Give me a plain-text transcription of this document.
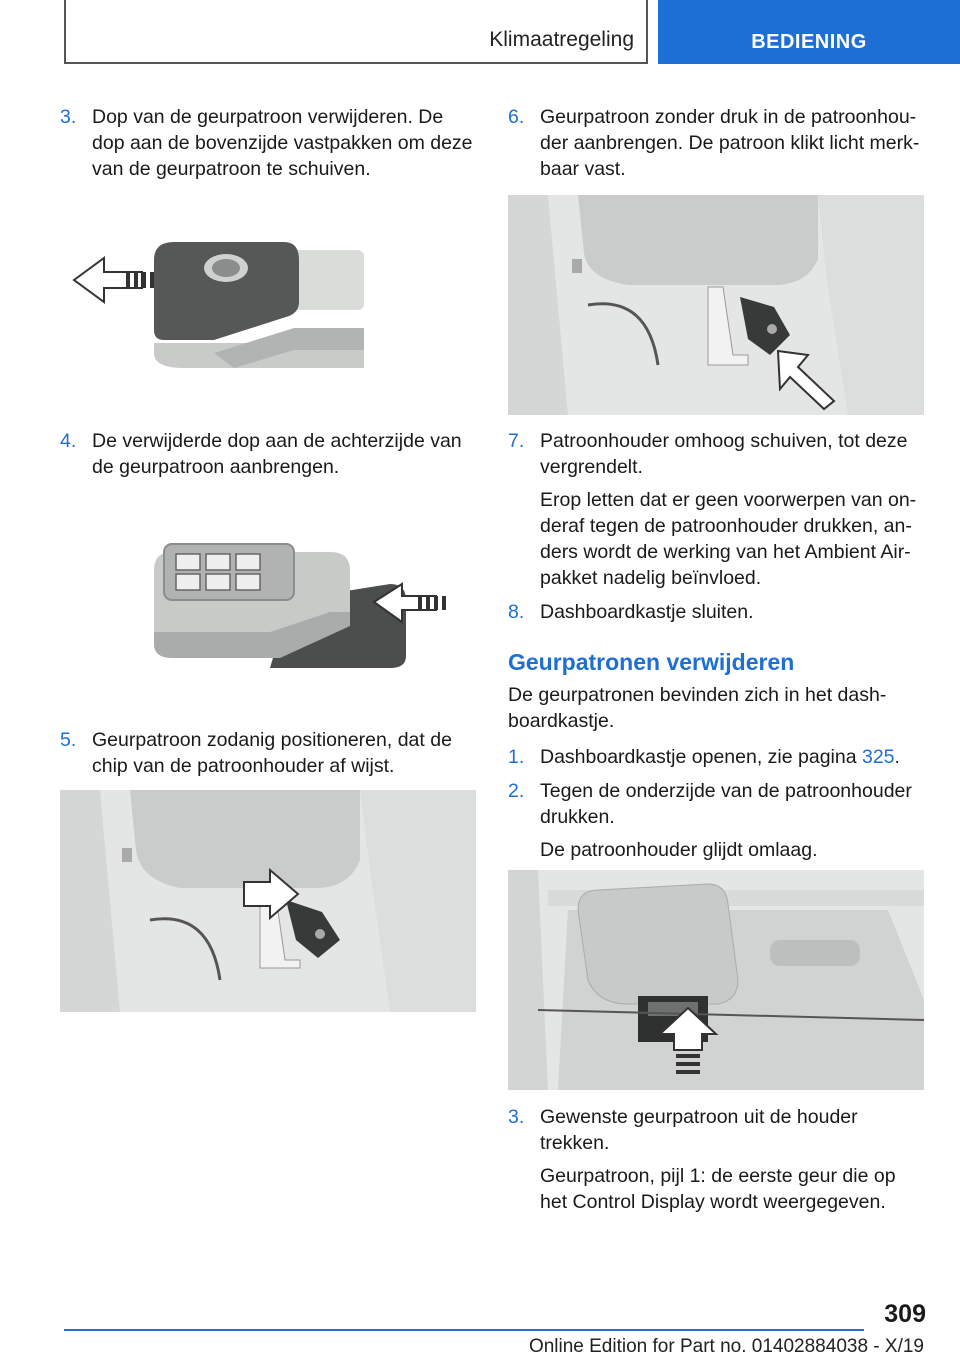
Klimaatregeling	BEDIENING
3. Dop van de geurpatroon verwijderen. De dop aan de bovenzijde vastpakken om deze van de geurpatroon te schuiven.

4. De verwijderde dop aan de achterzijde van de geurpatroon aanbrengen.

5. Geurpatroon zodanig positioneren, dat de chip van de patroonhouder af wijst.

6. Geurpatroon zonder druk in de patroonhouder aanbrengen. De patroon klikt licht merkbaar vast.

7. Patroonhouder omhoog schuiven, tot deze vergrendelt.

Erop letten dat er geen voorwerpen van onderaf tegen de patroonhouder drukken, anders wordt de werking van het Ambient Air-pakket nadelig beïnvloed.

8. Dashboardkastje sluiten.

Geurpatronen verwijderen

De geurpatronen bevinden zich in het dashboardkastje.

1. Dashboardkastje openen, zie pagina 325.

2. Tegen de onderzijde van de patroonhouder drukken.

De patroonhouder glijdt omlaag.

3. Gewenste geurpatroon uit de houder trekken.

Geurpatroon, pijl 1: de eerste geur die op het Control Display wordt weergegeven.

309
Online Edition for Part no. 01402884038 - X/19
